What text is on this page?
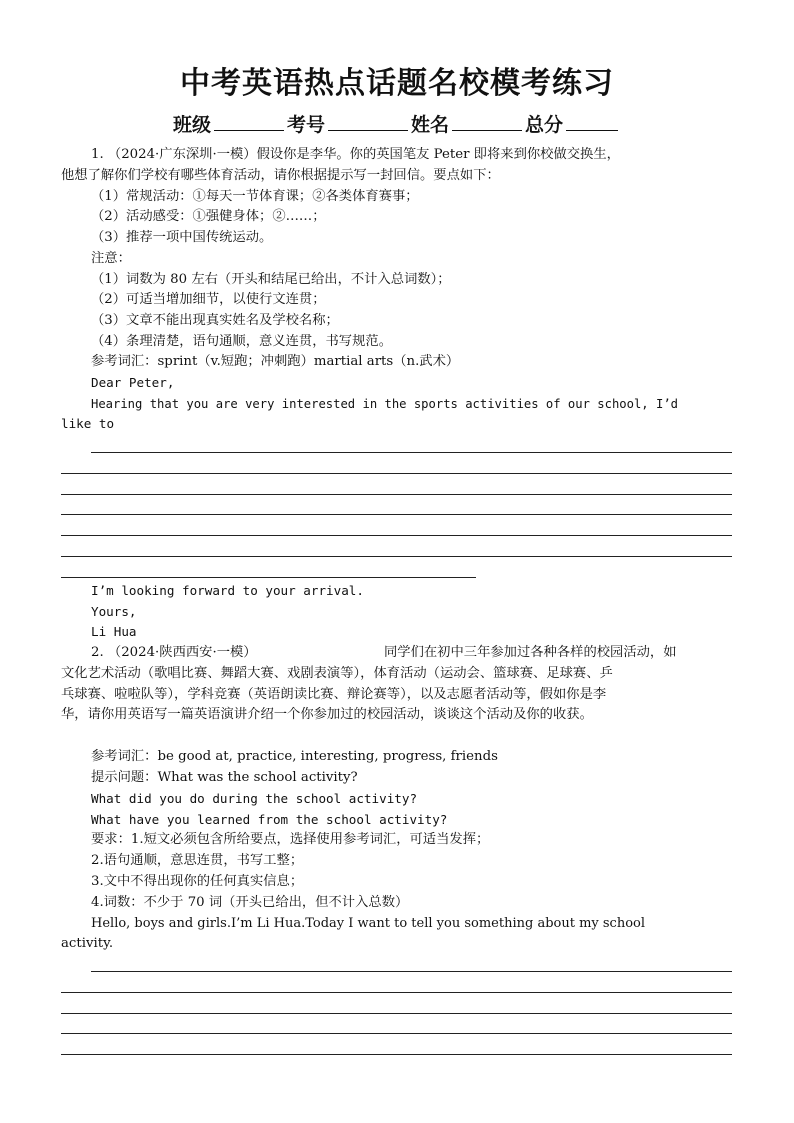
中考英语热点话题名校模考练习
班级	考号	姓名	总分
1. （2024·广东深圳·一模）假设你是李华。你的英国笔友 Peter 即将来到你校做交换生，
他想了解你们学校有哪些体育活动，请你根据提示写一封回信。要点如下：
（1）常规活动：①每天一节体育课；②各类体育赛事；
（2）活动感受：①强健身体；②……；
（3）推荐一项中国传统运动。
注意：
（1）词数为 80 左右（开头和结尾已给出，不计入总词数）；
（2）可适当增加细节，以使行文连贯；
（3）文章不能出现真实姓名及学校名称；
（4）条理清楚，语句通顺，意义连贯，书写规范。
参考词汇：sprint（v.短跑；冲刺跑）martial arts（n.武术）
Dear Peter,
Hearing that you are very interested in the sports activities of our school, I’d
like to
I’m looking forward to your arrival.
Yours,
Li Hua
2. （2024·陕西西安·一模）	同学们在初中三年参加过各种各样的校园活动，如
文化艺术活动（歌唱比赛、舞蹈大赛、戏剧表演等），体育活动（运动会、篮球赛、足球赛、乒
乓球赛、啦啦队等），学科竞赛（英语朗读比赛、辩论赛等），以及志愿者活动等，假如你是李
华，请你用英语写一篇英语演讲介绍一个你参加过的校园活动，谈谈这个活动及你的收获。
参考词汇：be good at, practice, interesting, progress, friends
提示问题：What was the school activity?
What did you do during the school activity?
What have you learned from the school activity?
要求：1.短文必须包含所给要点，选择使用参考词汇，可适当发挥；
2.语句通顺，意思连贯，书写工整；
3.文中不得出现你的任何真实信息；
4.词数：不少于 70 词（开头已给出，但不计入总数）
Hello, boys and girls.I’m Li Hua.Today I want to tell you something about my school
activity.
